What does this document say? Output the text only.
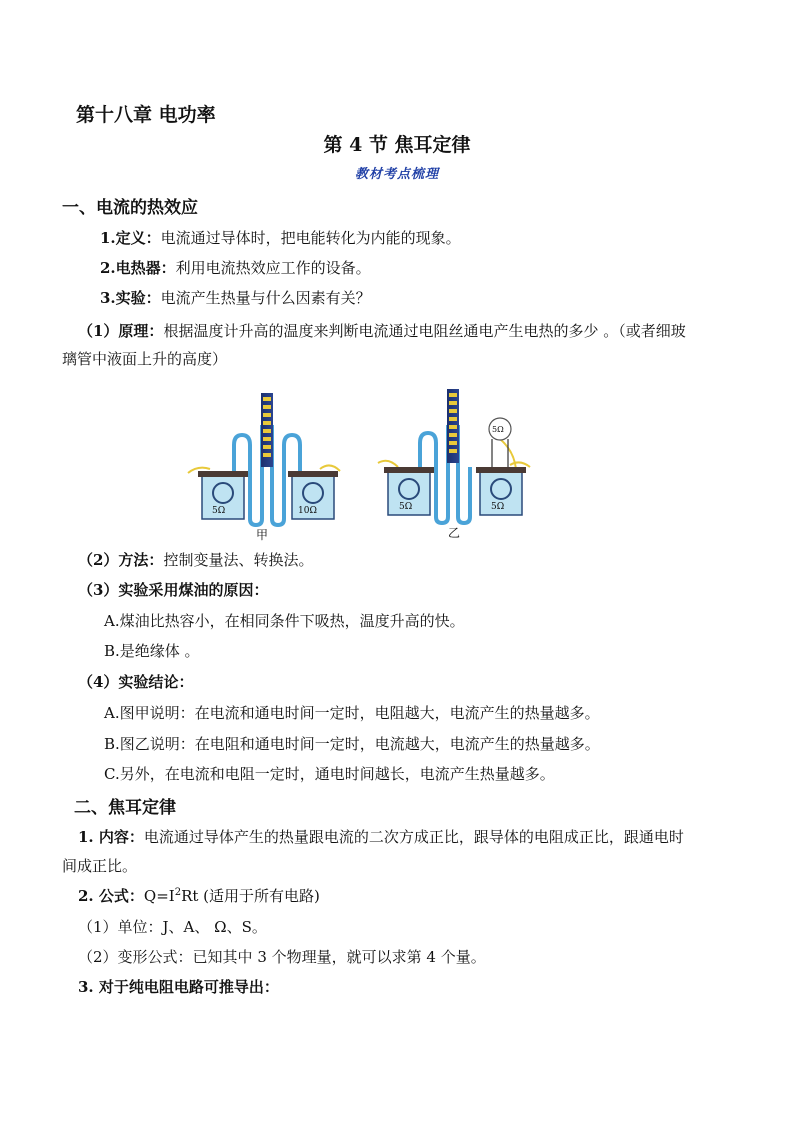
第十八章 电功率
第 4 节 焦耳定律
教材考点梳理
一、电流的热效应
1.定义：电流通过导体时，把电能转化为内能的现象。
2.电热器：利用电流热效应工作的设备。
3.实验：电流产生热量与什么因素有关？
（1）原理：根据温度计升高的温度来判断电流通过电阻丝通电产生电热的多少 。（或者细玻
璃管中液面上升的高度）
5Ω	10Ω
甲
5Ω	5Ω
5Ω
乙
（2）方法：控制变量法、转换法。
（3）实验采用煤油的原因：
A.煤油比热容小，在相同条件下吸热，温度升高的快。
B.是绝缘体 。
（4）实验结论：
A.图甲说明：在电流和通电时间一定时，电阻越大，电流产生的热量越多。
B.图乙说明：在电阻和通电时间一定时，电流越大，电流产生的热量越多。
C.另外，在电流和电阻一定时，通电时间越长，电流产生热量越多。
二、焦耳定律
1. 内容：电流通过导体产生的热量跟电流的二次方成正比，跟导体的电阻成正比，跟通电时
间成正比。
2. 公式：$Q=I^2Rt$ (适用于所有电路)
（1）单位：J、A、 Ω、S。
（2）变形公式：已知其中 3 个物理量，就可以求第 4 个量。
3. 对于纯电阻电路可推导出：
